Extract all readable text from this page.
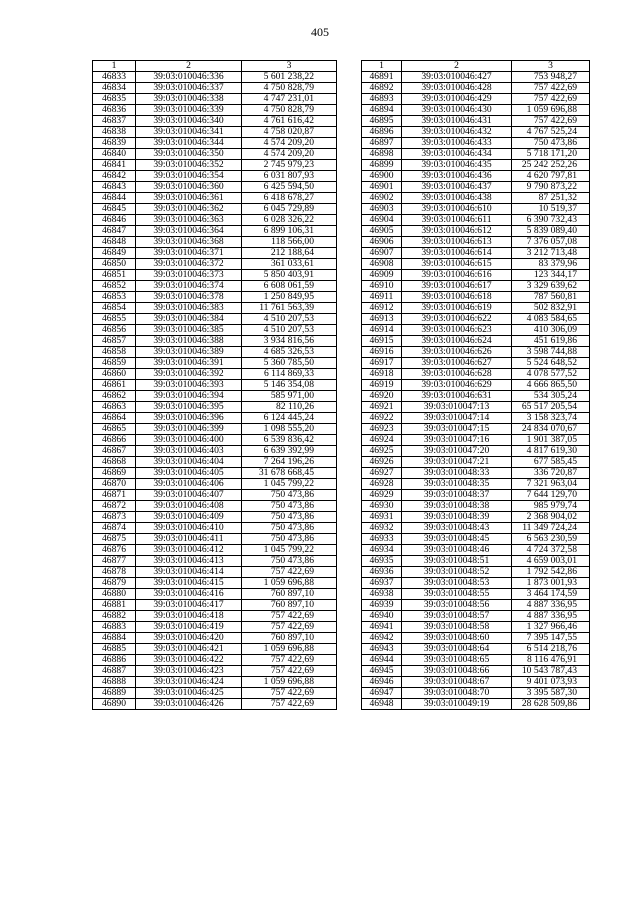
405
1	2	3
46833	39:03:010046:336	5 601 238,22
46834	39:03:010046:337	4 750 828,79
46835	39:03:010046:338	4 747 231,01
46836	39:03:010046:339	4 750 828,79
46837	39:03:010046:340	4 761 616,42
46838	39:03:010046:341	4 758 020,87
46839	39:03:010046:344	4 574 209,20
46840	39:03:010046:350	4 574 209,20
46841	39:03:010046:352	2 745 979,23
46842	39:03:010046:354	6 031 807,93
46843	39:03:010046:360	6 425 594,50
46844	39:03:010046:361	6 418 678,27
46845	39:03:010046:362	6 045 729,89
46846	39:03:010046:363	6 028 326,22
46847	39:03:010046:364	6 899 106,31
46848	39:03:010046:368	118 566,00
46849	39:03:010046:371	212 188,64
46850	39:03:010046:372	361 033,61
46851	39:03:010046:373	5 850 403,91
46852	39:03:010046:374	6 608 061,59
46853	39:03:010046:378	1 250 849,95
46854	39:03:010046:383	11 761 563,39
46855	39:03:010046:384	4 510 207,53
46856	39:03:010046:385	4 510 207,53
46857	39:03:010046:388	3 934 816,56
46858	39:03:010046:389	4 685 326,53
46859	39:03:010046:391	5 360 785,50
46860	39:03:010046:392	6 114 869,33
46861	39:03:010046:393	5 146 354,08
46862	39:03:010046:394	585 971,00
46863	39:03:010046:395	82 110,26
46864	39:03:010046:396	6 124 445,24
46865	39:03:010046:399	1 098 555,20
46866	39:03:010046:400	6 539 836,42
46867	39:03:010046:403	6 639 392,99
46868	39:03:010046:404	7 264 196,26
46869	39:03:010046:405	31 678 668,45
46870	39:03:010046:406	1 045 799,22
46871	39:03:010046:407	750 473,86
46872	39:03:010046:408	750 473,86
46873	39:03:010046:409	750 473,86
46874	39:03:010046:410	750 473,86
46875	39:03:010046:411	750 473,86
46876	39:03:010046:412	1 045 799,22
46877	39:03:010046:413	750 473,86
46878	39:03:010046:414	757 422,69
46879	39:03:010046:415	1 059 696,88
46880	39:03:010046:416	760 897,10
46881	39:03:010046:417	760 897,10
46882	39:03:010046:418	757 422,69
46883	39:03:010046:419	757 422,69
46884	39:03:010046:420	760 897,10
46885	39:03:010046:421	1 059 696,88
46886	39:03:010046:422	757 422,69
46887	39:03:010046:423	757 422,69
46888	39:03:010046:424	1 059 696,88
46889	39:03:010046:425	757 422,69
46890	39:03:010046:426	757 422,69
1	2	3
46891	39:03:010046:427	753 948,27
46892	39:03:010046:428	757 422,69
46893	39:03:010046:429	757 422,69
46894	39:03:010046:430	1 059 696,88
46895	39:03:010046:431	757 422,69
46896	39:03:010046:432	4 767 525,24
46897	39:03:010046:433	750 473,86
46898	39:03:010046:434	5 718 171,20
46899	39:03:010046:435	25 242 252,26
46900	39:03:010046:436	4 620 797,81
46901	39:03:010046:437	9 790 873,22
46902	39:03:010046:438	87 251,32
46903	39:03:010046:610	10 519,37
46904	39:03:010046:611	6 390 732,43
46905	39:03:010046:612	5 839 089,40
46906	39:03:010046:613	7 376 057,08
46907	39:03:010046:614	3 212 713,48
46908	39:03:010046:615	83 379,96
46909	39:03:010046:616	123 344,17
46910	39:03:010046:617	3 329 639,62
46911	39:03:010046:618	787 560,81
46912	39:03:010046:619	502 832,91
46913	39:03:010046:622	4 083 584,65
46914	39:03:010046:623	410 306,09
46915	39:03:010046:624	451 619,86
46916	39:03:010046:626	3 598 744,88
46917	39:03:010046:627	5 524 648,52
46918	39:03:010046:628	4 078 577,52
46919	39:03:010046:629	4 666 865,50
46920	39:03:010046:631	534 305,24
46921	39:03:010047:13	65 517 205,54
46922	39:03:010047:14	3 158 323,74
46923	39:03:010047:15	24 834 070,67
46924	39:03:010047:16	1 901 387,05
46925	39:03:010047:20	4 817 619,30
46926	39:03:010047:21	677 585,45
46927	39:03:010048:33	336 720,87
46928	39:03:010048:35	7 321 963,04
46929	39:03:010048:37	7 644 129,70
46930	39:03:010048:38	985 979,74
46931	39:03:010048:39	2 368 904,02
46932	39:03:010048:43	11 349 724,24
46933	39:03:010048:45	6 563 230,59
46934	39:03:010048:46	4 724 372,58
46935	39:03:010048:51	4 659 003,01
46936	39:03:010048:52	1 792 542,86
46937	39:03:010048:53	1 873 001,93
46938	39:03:010048:55	3 464 174,59
46939	39:03:010048:56	4 887 336,95
46940	39:03:010048:57	4 887 336,95
46941	39:03:010048:58	1 327 966,46
46942	39:03:010048:60	7 395 147,55
46943	39:03:010048:64	6 514 218,76
46944	39:03:010048:65	8 116 476,91
46945	39:03:010048:66	10 543 787,43
46946	39:03:010048:67	9 401 073,93
46947	39:03:010048:70	3 395 587,30
46948	39:03:010049:19	28 628 509,86
